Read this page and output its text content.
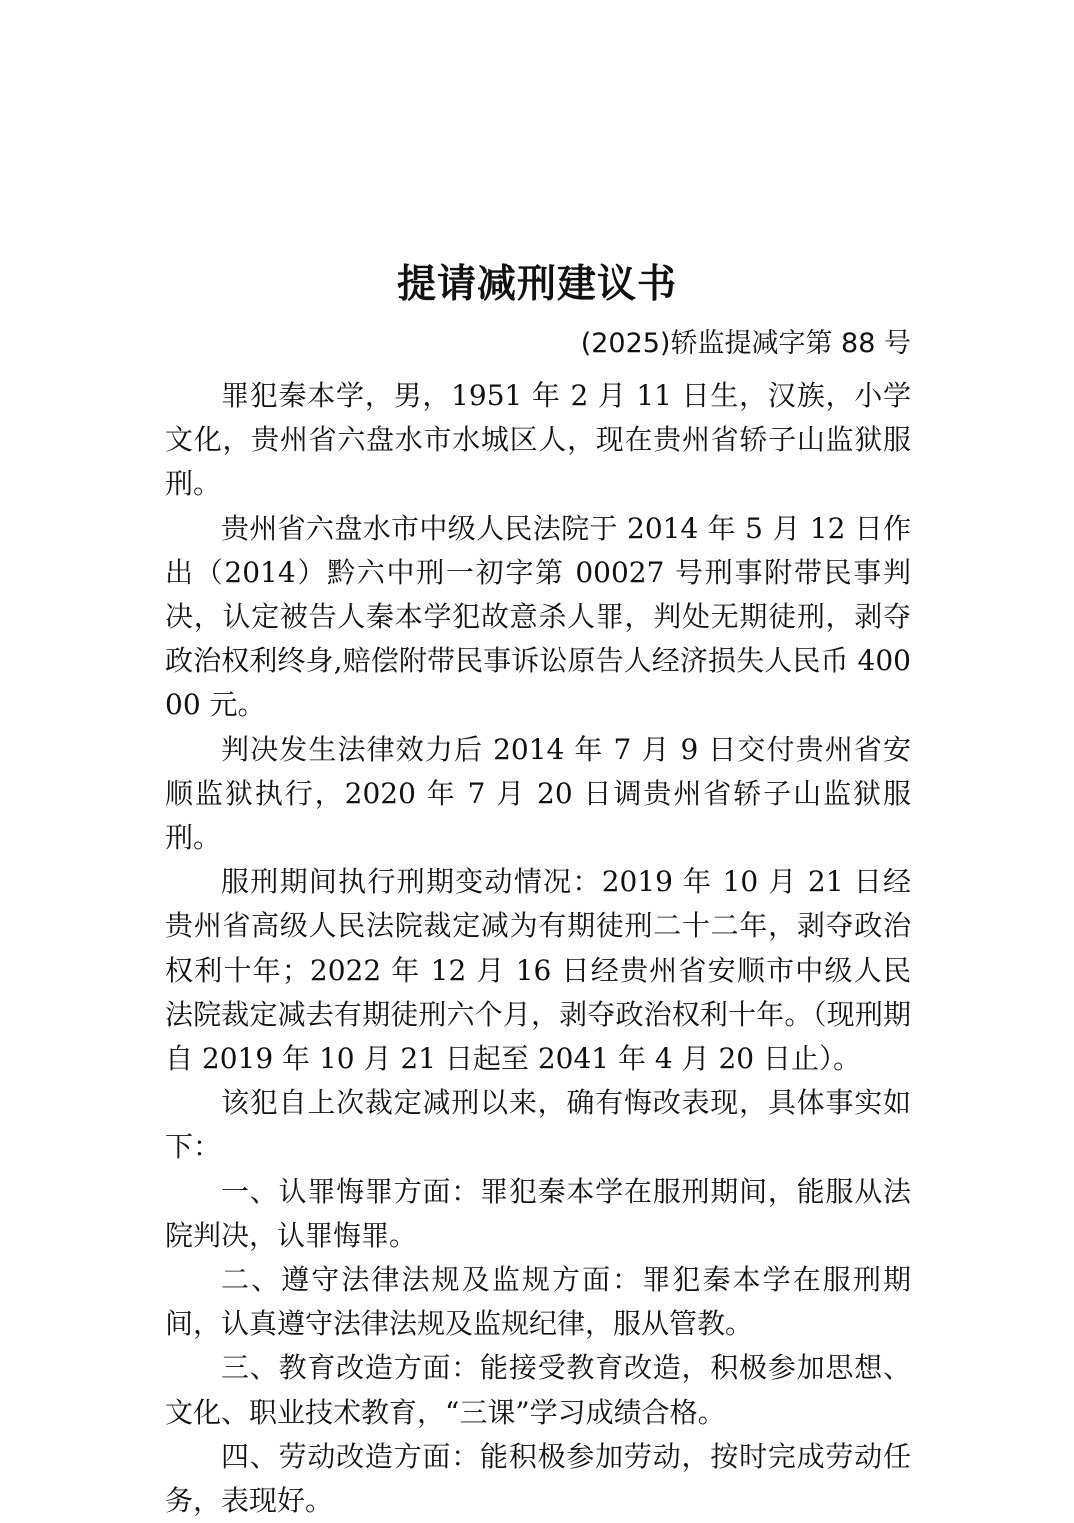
提请减刑建议书
(2025)轿监提减字第 88 号

罪犯秦本学，男，1951 年 2 月 11 日生，汉族，小学文化，贵州省六盘水市水城区人，现在贵州省轿子山监狱服刑。

贵州省六盘水市中级人民法院于 2014 年 5 月 12 日作出（2014）黔六中刑一初字第 00027 号刑事附带民事判决，认定被告人秦本学犯故意杀人罪，判处无期徒刑，剥夺政治权利终身,赔偿附带民事诉讼原告人经济损失人民币 40000 元。

判决发生法律效力后 2014 年 7 月 9 日交付贵州省安顺监狱执行，2020 年 7 月 20 日调贵州省轿子山监狱服刑。

服刑期间执行刑期变动情况：2019 年 10 月 21 日经贵州省高级人民法院裁定减为有期徒刑二十二年，剥夺政治权利十年；2022 年 12 月 16 日经贵州省安顺市中级人民法院裁定减去有期徒刑六个月，剥夺政治权利十年。（现刑期自 2019 年 10 月 21 日起至 2041 年 4 月 20 日止）。

该犯自上次裁定减刑以来，确有悔改表现，具体事实如下：

一、认罪悔罪方面：罪犯秦本学在服刑期间，能服从法院判决，认罪悔罪。

二、遵守法律法规及监规方面：罪犯秦本学在服刑期间，认真遵守法律法规及监规纪律，服从管教。

三、教育改造方面：能接受教育改造，积极参加思想、文化、职业技术教育，“三课”学习成绩合格。

四、劳动改造方面：能积极参加劳动，按时完成劳动任务，表现好。
